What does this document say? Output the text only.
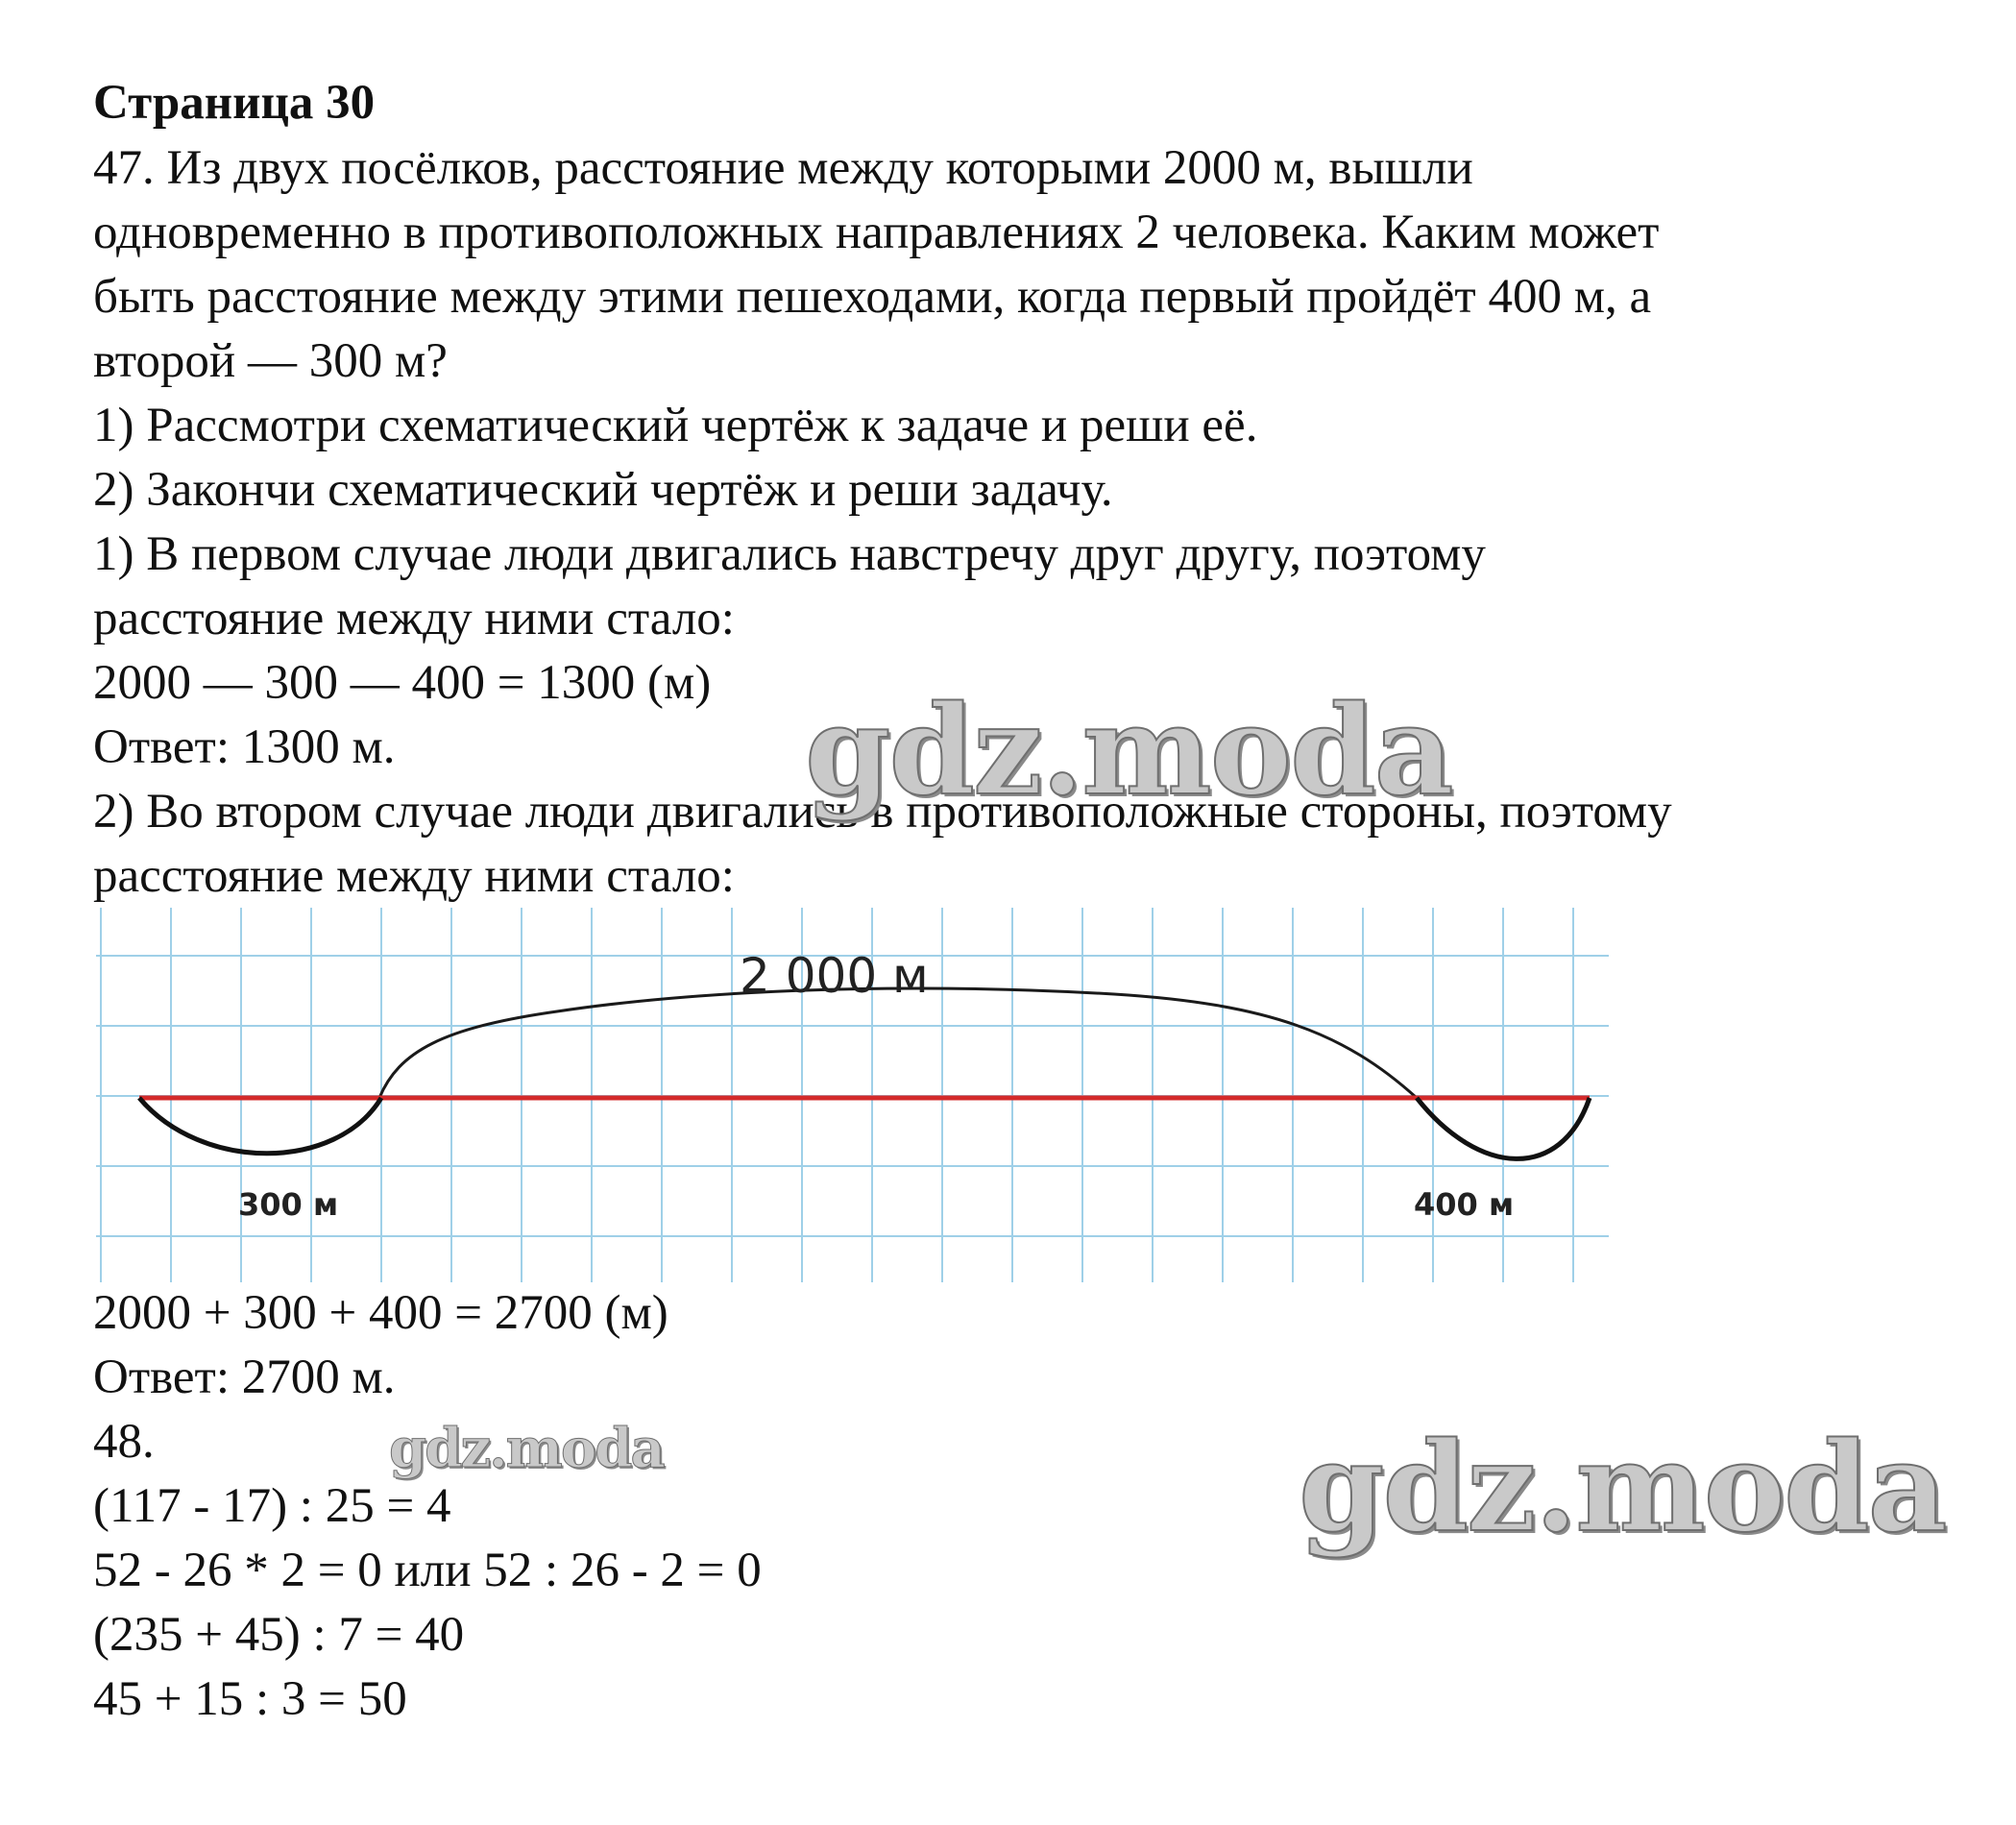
Страница 30
47. Из двух посёлков, расстояние между которыми 2000 м, вышли
одновременно в противоположных направлениях 2 человека. Каким может
быть расстояние между этими пешеходами, когда первый пройдёт 400 м, а
второй — 300 м?
1) Рассмотри схематический чертёж к задаче и реши её.
2) Закончи схематический чертёж и реши задачу.
1) В первом случае люди двигались навстречу друг другу, поэтому
расстояние между ними стало:
2000 — 300 — 400 = 1300 (м)
Ответ: 1300 м.
2) Во втором случае люди двигались в противоположные стороны, поэтому
расстояние между ними стало:
2 000 м
300 м	400 м
2000 + 300 + 400 = 2700 (м)
Ответ: 2700 м.
48.
(117 - 17) : 25 = 4
52 - 26 * 2 = 0 или 52 : 26 - 2 = 0
(235 + 45) : 7 = 40
45 + 15 : 3 = 50
gdz.moda
gdz.moda	gdz.moda
